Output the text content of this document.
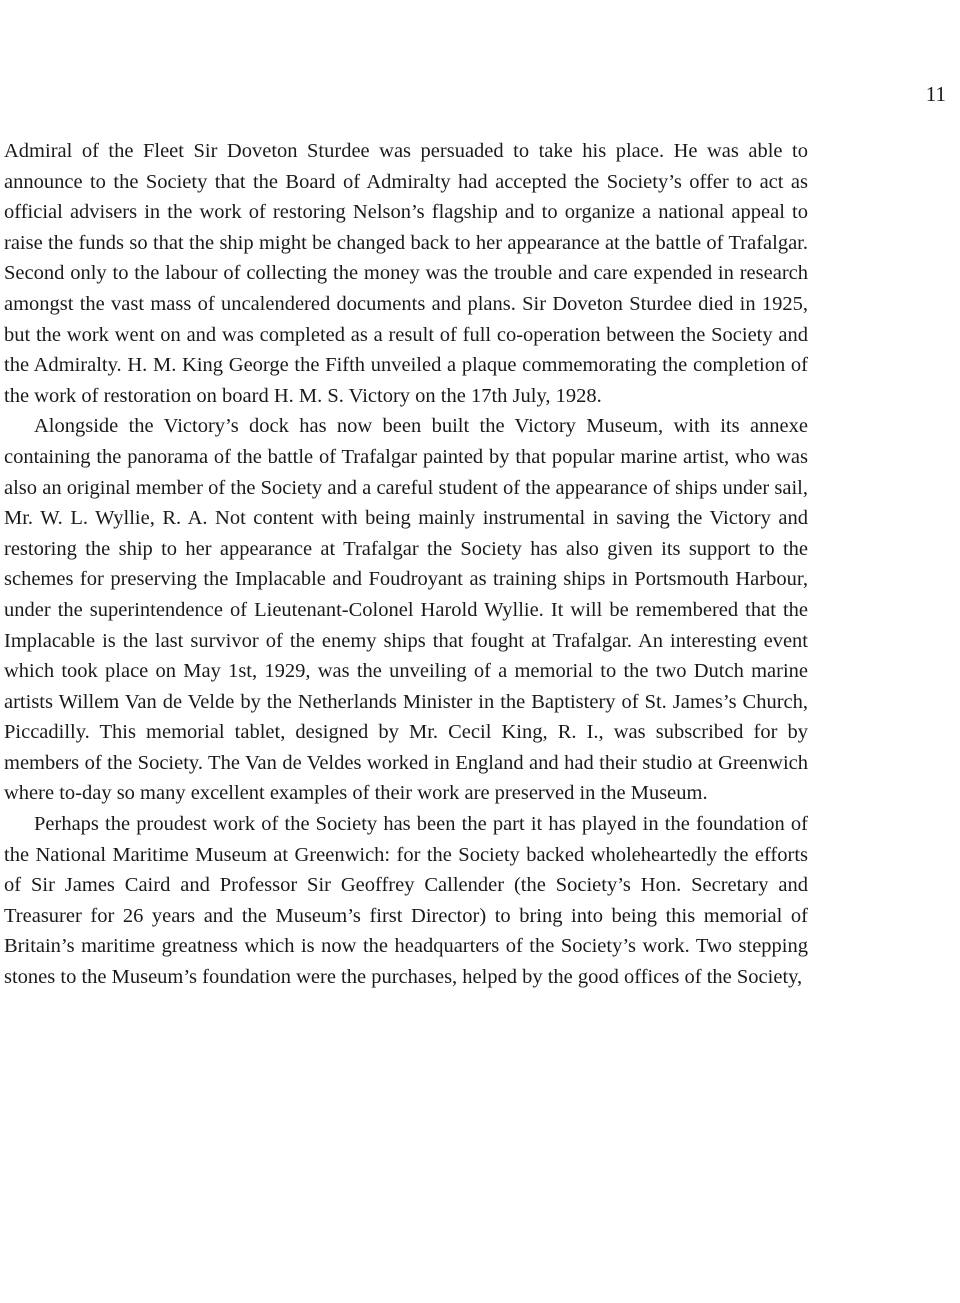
11

Admiral of the Fleet Sir Doveton Sturdee was persuaded to take his place. He was able to announce to the Society that the Board of Admiralty had accepted the Society’s offer to act as official advisers in the work of restoring Nelson’s flagship and to organize a national appeal to raise the funds so that the ship might be changed back to her appearance at the battle of Trafalgar. Second only to the labour of collecting the money was the trouble and care expended in research amongst the vast mass of uncalendered documents and plans. Sir Doveton Sturdee died in 1925, but the work went on and was completed as a result of full co-operation between the Society and the Admiralty. H. M. King George the Fifth unveiled a plaque commemorating the completion of the work of restoration on board H. M. S. Victory on the 17th July, 1928.

Alongside the Victory’s dock has now been built the Victory Museum, with its annexe containing the panorama of the battle of Trafalgar painted by that popular marine artist, who was also an original member of the Society and a careful student of the appearance of ships under sail, Mr. W. L. Wyllie, R. A. Not content with being mainly instrumental in saving the Victory and restoring the ship to her appearance at Trafalgar the Society has also given its support to the schemes for preserving the Implacable and Foudroyant as training ships in Portsmouth Harbour, under the superintendence of Lieutenant-Colonel Harold Wyllie. It will be remembered that the Implacable is the last survivor of the enemy ships that fought at Trafalgar. An interesting event which took place on May 1st, 1929, was the unveiling of a memorial to the two Dutch marine artists Willem Van de Velde by the Netherlands Minister in the Baptistery of St. James’s Church, Piccadilly. This memorial tablet, designed by Mr. Cecil King, R. I., was subscribed for by members of the Society. The Van de Veldes worked in England and had their studio at Greenwich where to-day so many excellent examples of their work are preserved in the Museum.

Perhaps the proudest work of the Society has been the part it has played in the foundation of the National Maritime Museum at Greenwich: for the Society backed wholeheartedly the efforts of Sir James Caird and Professor Sir Geoffrey Callender (the Society’s Hon. Secretary and Treasurer for 26 years and the Museum’s first Director) to bring into being this memorial of Britain’s maritime greatness which is now the headquarters of the Society’s work. Two stepping stones to the Museum’s foundation were the purchases, helped by the good offices of the Society,
